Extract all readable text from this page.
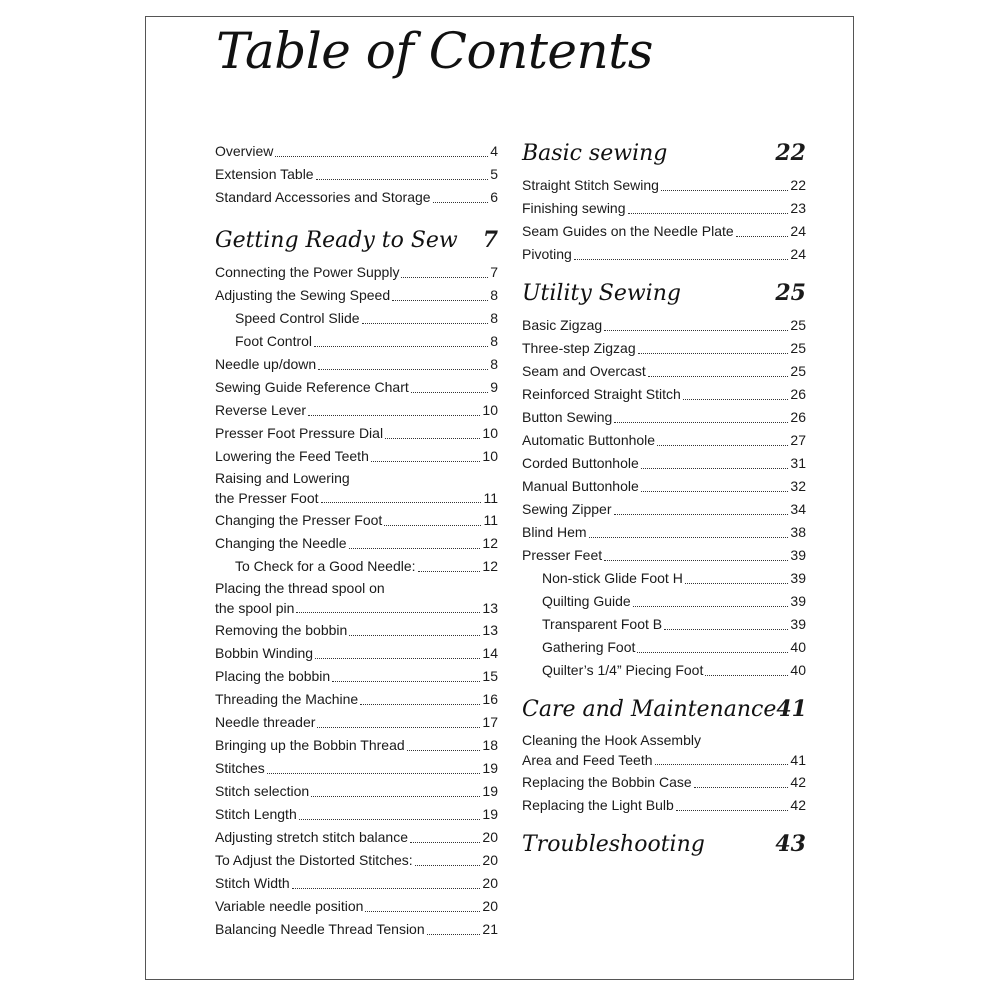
Table of Contents
Overview	4
Extension Table	5
Standard Accessories and Storage	6
Getting Ready to Sew 7
Connecting the Power Supply	7
Adjusting the Sewing Speed	8
Speed Control Slide	8
Foot Control	8
Needle up/down	8
Sewing Guide Reference Chart	9
Reverse Lever	10
Presser Foot Pressure Dial	10
Lowering the Feed Teeth	10
Raising and Lowering
the Presser Foot	11
Changing the Presser Foot	11
Changing the Needle	12
To Check for a Good Needle:	12
Placing the thread spool on
the spool pin	13
Removing the bobbin	13
Bobbin Winding	14
Placing the bobbin	15
Threading the Machine	16
Needle threader	17
Bringing up the Bobbin Thread	18
Stitches	19
Stitch selection	19
Stitch Length	19
Adjusting stretch stitch balance	20
To Adjust the Distorted Stitches:	20
Stitch Width	20
Variable needle position	20
Balancing Needle Thread Tension	21
Basic sewing	22
Straight Stitch Sewing	22
Finishing sewing	23
Seam Guides on the Needle Plate	24
Pivoting	24
Utility Sewing	25
Basic Zigzag	25
Three-step Zigzag	25
Seam and Overcast	25
Reinforced Straight Stitch	26
Button Sewing	26
Automatic Buttonhole	27
Corded Buttonhole	31
Manual Buttonhole	32
Sewing Zipper	34
Blind Hem	38
Presser Feet	39
Non-stick Glide Foot H	39
Quilting Guide	39
Transparent Foot B	39
Gathering Foot	40
Quilter’s 1/4” Piecing Foot	40
Care and Maintenance 41
Cleaning the Hook Assembly
Area and Feed Teeth	41
Replacing the Bobbin Case	42
Replacing the Light Bulb	42
Troubleshooting	43
